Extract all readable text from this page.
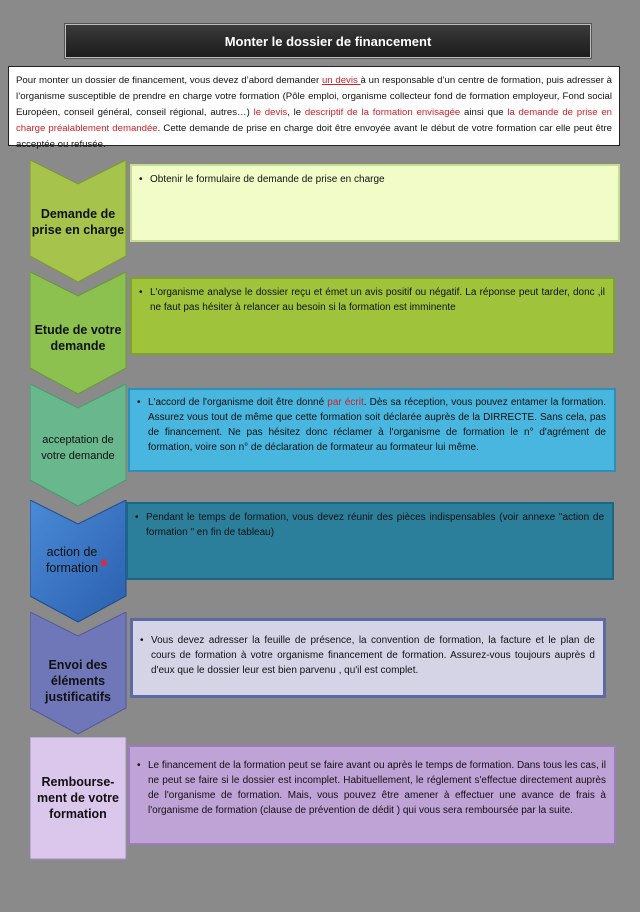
Monter le dossier de financement
Pour monter un dossier de financement, vous devez d’abord demander un devis à un responsable d’un centre de formation, puis adresser à l’organisme susceptible de prendre en charge votre formation (Pôle emploi, organisme collecteur fond de formation employeur, Fond social Européen, conseil général, conseil régional, autres…) le devis, le descriptif de la formation envisagée ainsi que la demande de prise en charge préalablement demandée. Cette demande de prise en charge doit être envoyée avant le début de votre formation car elle peut être acceptée ou refusée.
Demande de prise en charge
• Obtenir le formulaire de demande de prise en charge
Etude de votre demande
• L'organisme analyse le dossier reçu et émet un avis positif ou négatif. La réponse peut tarder, donc ,il ne faut pas hésiter à relancer au besoin si la formation est imminente
acceptation de votre demande
• L'accord de l'organisme doit être donné par écrit. Dès sa réception, vous pouvez entamer la formation. Assurez vous tout de même que cette formation soit déclarée auprès de la DIRRECTE. Sans cela, pas de financement. Ne pas hésitez donc réclamer à l'organisme de formation le n° d'agrément de formation, voire son n° de déclaration de formateur au formateur lui même.
action de formation *
• Pendant le temps de formation, vous devez réunir des pièces indispensables (voir annexe "action de formation " en fin de tableau)
Envoi des éléments justificatifs
• Vous devez adresser la feuille de présence, la convention de formation, la facture et le plan de cours de formation à votre organisme financement de formation. Assurez-vous toujours auprès d d'eux que le dossier leur est bien parvenu , qu'il est complet.
Rembourse-ment de votre formation
• Le financement de la formation peut se faire avant ou après le temps de formation. Dans tous les cas, il ne peut se faire si le dossier est incomplet. Habituellement, le réglement s'effectue directement auprès de l'organisme de formation. Mais, vous pouvez être amener à effectuer une avance de frais à l'organisme de formation (clause de prévention de dédit ) qui vous sera remboursée par la suite.
